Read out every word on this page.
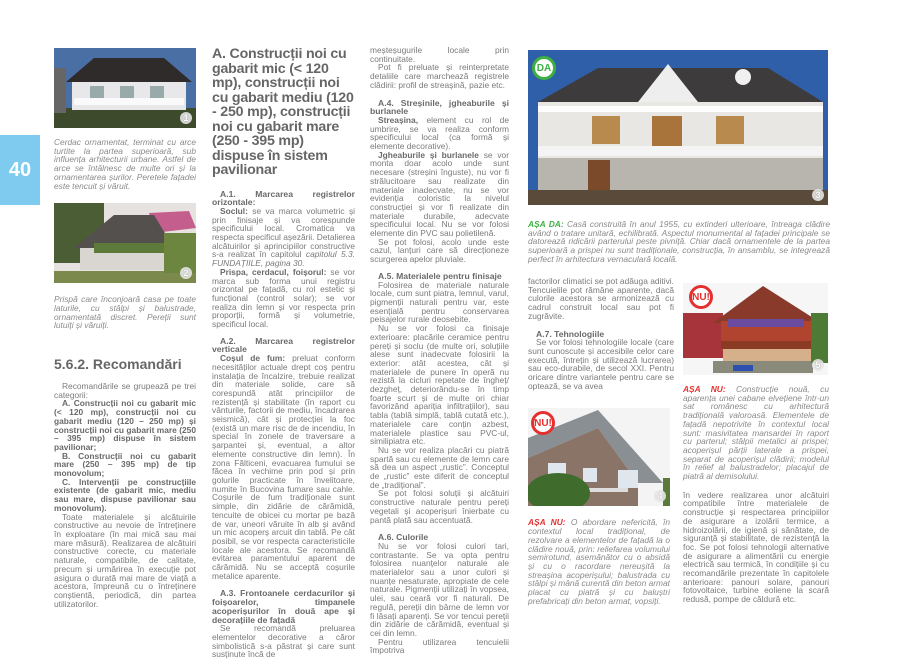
40
1
Cerdac ornamentat, terminat cu arce turtite la partea superioară, sub influența arhitecturii urbane. Astfel de arce se întâlnesc de multe ori și la ornamentarea șurilor. Peretele fațadei este tencuit și văruit.
2
Prispă care înconjoară casa pe toate laturile, cu stâlpi și balustrade, ornamentată discret. Pereții sunt lutuiți și văruiți.
5.6.2. Recomandări

Recomandările se grupează pe trei categorii:

A. Construcții noi cu gabarit mic (< 120 mp), construcții noi cu gabarit mediu (120 – 250 mp) și construcții noi cu gabarit mare (250 – 395 mp) dispuse în sistem pavilionar;

B. Construcții noi cu gabarit mare (250 – 395 mp) de tip monovolum;

C. Intervenții pe construcțiile existente (de gabarit mic, mediu sau mare, dispuse pavilionar sau monovolum).

Toate materialele și alcătuirile constructive au nevoie de întreținere în exploatare (în mai mică sau mai mare măsură). Realizarea de alcătuiri constructive corecte, cu materiale naturale, compatibile, de calitate, precum și urmărirea în execuție pot asigura o durată mai mare de viață a acestora, împreună cu o întreținere conștientă, periodică, din partea utilizatorilor.

A. Construcții noi cu gabarit mic (< 120 mp), construcții noi cu gabarit mediu (120 - 250 mp), construcții noi cu gabarit mare (250 - 395 mp) dispuse în sistem pavilionar
A.1. Marcarea registrelor orizontale:

Soclul: se va marca volumetric și prin finisaje și va corespunde specificului local. Cromatica va respecta specificul așezării. Detalierea alcătuirilor și aprincipiilor constructive s-a realizat în capitolul capitolul 5.3. FUNDAȚIILE, pagina 30.

Prispa, cerdacul, foișorul: se vor marca sub forma unui registru orizontal pe fațadă, cu rol estetic și funcțional (control solar); se vor realiza din lemn și vor respecta prin proporții, formă și volumetrie, specificul local.

A.2. Marcarea registrelor verticale

Coșul de fum: preluat conform necesităților actuale drept coș pentru instalația de încalzire, trebuie realizat din materiale solide, care să corespundă atât principiilor de rezistență și stabilitate (în raport cu vânturile, factorii de mediu, încadrarea seismică), cât și protecției la foc (există un mare risc de de incendiu, în special în zonele de traversare a șarpantei și, eventual, a altor elemente constructive din lemn). În zona Fălticeni, evacuarea fumului se făcea în vechime prin pod și prin golurile practicate în învelitoare, numite în Bucovina fumare sau cahle. Coșurile de fum tradiționale sunt simple, din zidărie de cărămidă, tencuite de obicei cu mortar pe bază de var, uneori văruite în alb și având un mic acoperș arcuit din tablă. Pe cât posibil, se vor respecta caracteristicile locale ale acestora. Se recomandă evitarea paramentului aparent de cărămidă. Nu se acceptă coșurile metalice aparente.

A.3. Frontoanele cerdacurilor și foișoarelor, timpanele acoperișurilor în două ape și decorațiile de fațadă

Se recomandă preluarea elementelor decorative a căror simbolistică s-a păstrat și care sunt susținute încă de

meșteșugurile locale prin continuitate.

Pot fi preluate și reinterpretate detaliile care marchează registrele clădirii: profil de streașină, pazie etc.

A.4. Streșinile, jgheaburile și burlanele

Streașina, element cu rol de umbrire, se va realiza conform specificului local (ca formă și elemente decorative).

Jgheaburile și burlanele se vor monta doar acolo unde sunt necesare (streșini înguste), nu vor fi strălucitoare sau realizate din materiale inadecvate, nu se vor evidenția coloristic la nivelul construcției și vor fi realizate din materiale durabile, adecvate specificului local. Nu se vor folosi elemente din PVC sau polietilenă.

Se pot folosi, acolo unde este cazul, lanțuri care să direcționeze scurgerea apelor pluviale.

A.5. Materialele pentru finisaje

Folosirea de materiale naturale locale, cum sunt piatra, lemnul, varul, pigmenții naturali pentru var, este esențială pentru conservarea peisajelor rurale deosebite.

Nu se vor folosi ca finisaje exterioare: placările ceramice pentru pereți și soclu (de multe ori, soluțiile alese sunt inadecvate folosirii la exterior: atât acestea, cât și materialele de punere în operă nu rezistă la cicluri repetate de îngheț/ dezgheț, deteriorându-se în timp foarte scurt și de multe ori chiar favorizând apariția infiltrațiilor), sau tabla (tablă simplă, tablă cutată etc.), materialele care conțin azbest, materialele plastice sau PVC-ul, similipiatra etc.

Nu se vor realiza placări cu piatră spartă sau cu elemente de lemn care să dea un aspect „rustic”. Conceptul de „rustic” este diferit de conceptul de „tradițional”.

Se pot folosi soluții și alcătuiri constructive naturale pentru pereți vegetali și acoperișuri înierbate cu pantă plată sau accentuată.

A.6. Culorile

Nu se vor folosi culori tari, contrastante. Se va opta pentru folosirea nuanțelor naturale ale materialelor sau a unor culori și nuanțe nesaturate, apropiate de cele naturale. Pigmenții utilizați în vopsea, ulei, sau ceară vor fi naturali. De regulă, pereții din bârne de lemn vor fi lăsați aparenți. Se vor tencui pereții din zidărie de cărămidă, eventual și cei din lemn.

Pentru utilizarea tencuielii împotriva

DA
3
AȘA DA: Casă construită în anul 1955, cu extinderi ulterioare, întreaga clădire având o tratare unitară, echilibrată. Aspectul monumental al fațadei principale se datorează ridicării parterului peste pivniță. Chiar dacă ornamentele de la partea superioară a prispei nu sunt tradiționale, construcția, în ansamblu, se integrează perfect în arhitectura vernaculară locală.

factorilor climatici se pot adăuga aditivi. Tencuielile pot rămâne aparente, dacă culorile acestora se armonizează cu cadrul construit local sau pot fi zugrăvite.

A.7. Tehnologiile

Se vor folosi tehnologiile locale (care sunt cunoscute și accesibile celor care execută, întrețin și utilizează lucrarea) sau eco-durabile, de secol XXI. Pentru oricare dintre variantele pentru care se optează, se va avea

NU!
4
AȘA NU: O abordare nefericită, în contextul local tradițional, de rezolvare a elementelor de fațadă la o clădire nouă, prin: reliefarea volumului semirotund, asemănător cu o absidă și cu o racordare nereușită la streașina acoperișului; balustrada cu stâlpi și mână curentă din beton armat placat cu piatră și cu baluștri prefabricați din beton armat, vopsiți.
NU!
5
AȘA NU: Construcție nouă, cu aparența unei cabane elvețiene într-un sat românesc cu arhitectură tradițională valoroasă. Elementele de fațadă nepotrivite în contextul local sunt: masivitatea mansardei în raport cu parterul; stâlpii metalici ai prispei; acoperișul părții laterale a prispei, separat de acoperișul clădirii; modelul în relief al balustradelor; placajul de piatră al demisolului.

în vedere realizarea unor alcătuiri compatibile între materialele de construcție și respectarea principiilor de asigurare a izolării termice, a hidroizolării, de igienă și sănătate, de siguranță și stabilitate, de rezistență la foc. Se pot folosi tehnologii alternative de asigurare a alimentării cu energie electrică sau termică, în condițiile și cu recomandările prezentate în capitolele anterioare: panouri solare, panouri fotovoltaice, turbine eoliene la scară redusă, pompe de căldură etc.
